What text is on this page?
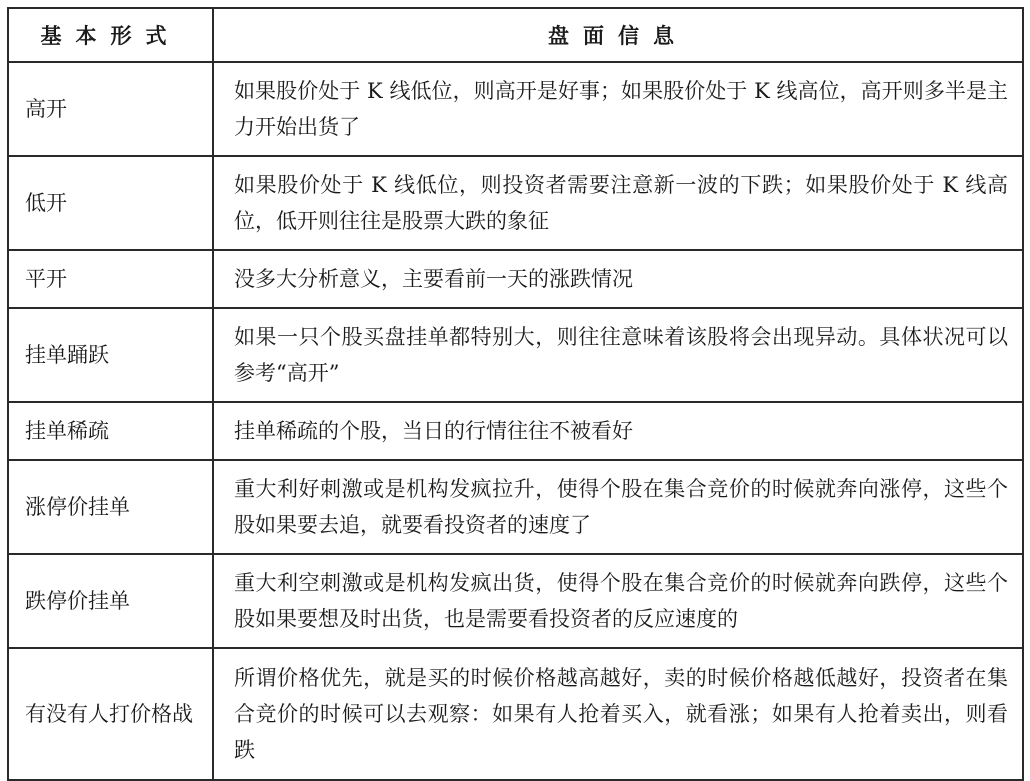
基本形式	盘面信息
高开	如果股价处于 K 线低位，则高开是好事；如果股价处于 K 线高位，高开则多半是主力开始出货了
低开	如果股价处于 K 线低位，则投资者需要注意新一波的下跌；如果股价处于 K 线高位，低开则往往是股票大跌的象征
平开	没多大分析意义，主要看前一天的涨跌情况
挂单踊跃	如果一只个股买盘挂单都特别大，则往往意味着该股将会出现异动。具体状况可以参考“高开”
挂单稀疏	挂单稀疏的个股，当日的行情往往不被看好
涨停价挂单	重大利好刺激或是机构发疯拉升，使得个股在集合竞价的时候就奔向涨停，这些个股如果要去追，就要看投资者的速度了
跌停价挂单	重大利空刺激或是机构发疯出货，使得个股在集合竞价的时候就奔向跌停，这些个股如果要想及时出货，也是需要看投资者的反应速度的
有没有人打价格战	所谓价格优先，就是买的时候价格越高越好，卖的时候价格越低越好，投资者在集合竞价的时候可以去观察：如果有人抢着买入，就看涨；如果有人抢着卖出，则看跌
